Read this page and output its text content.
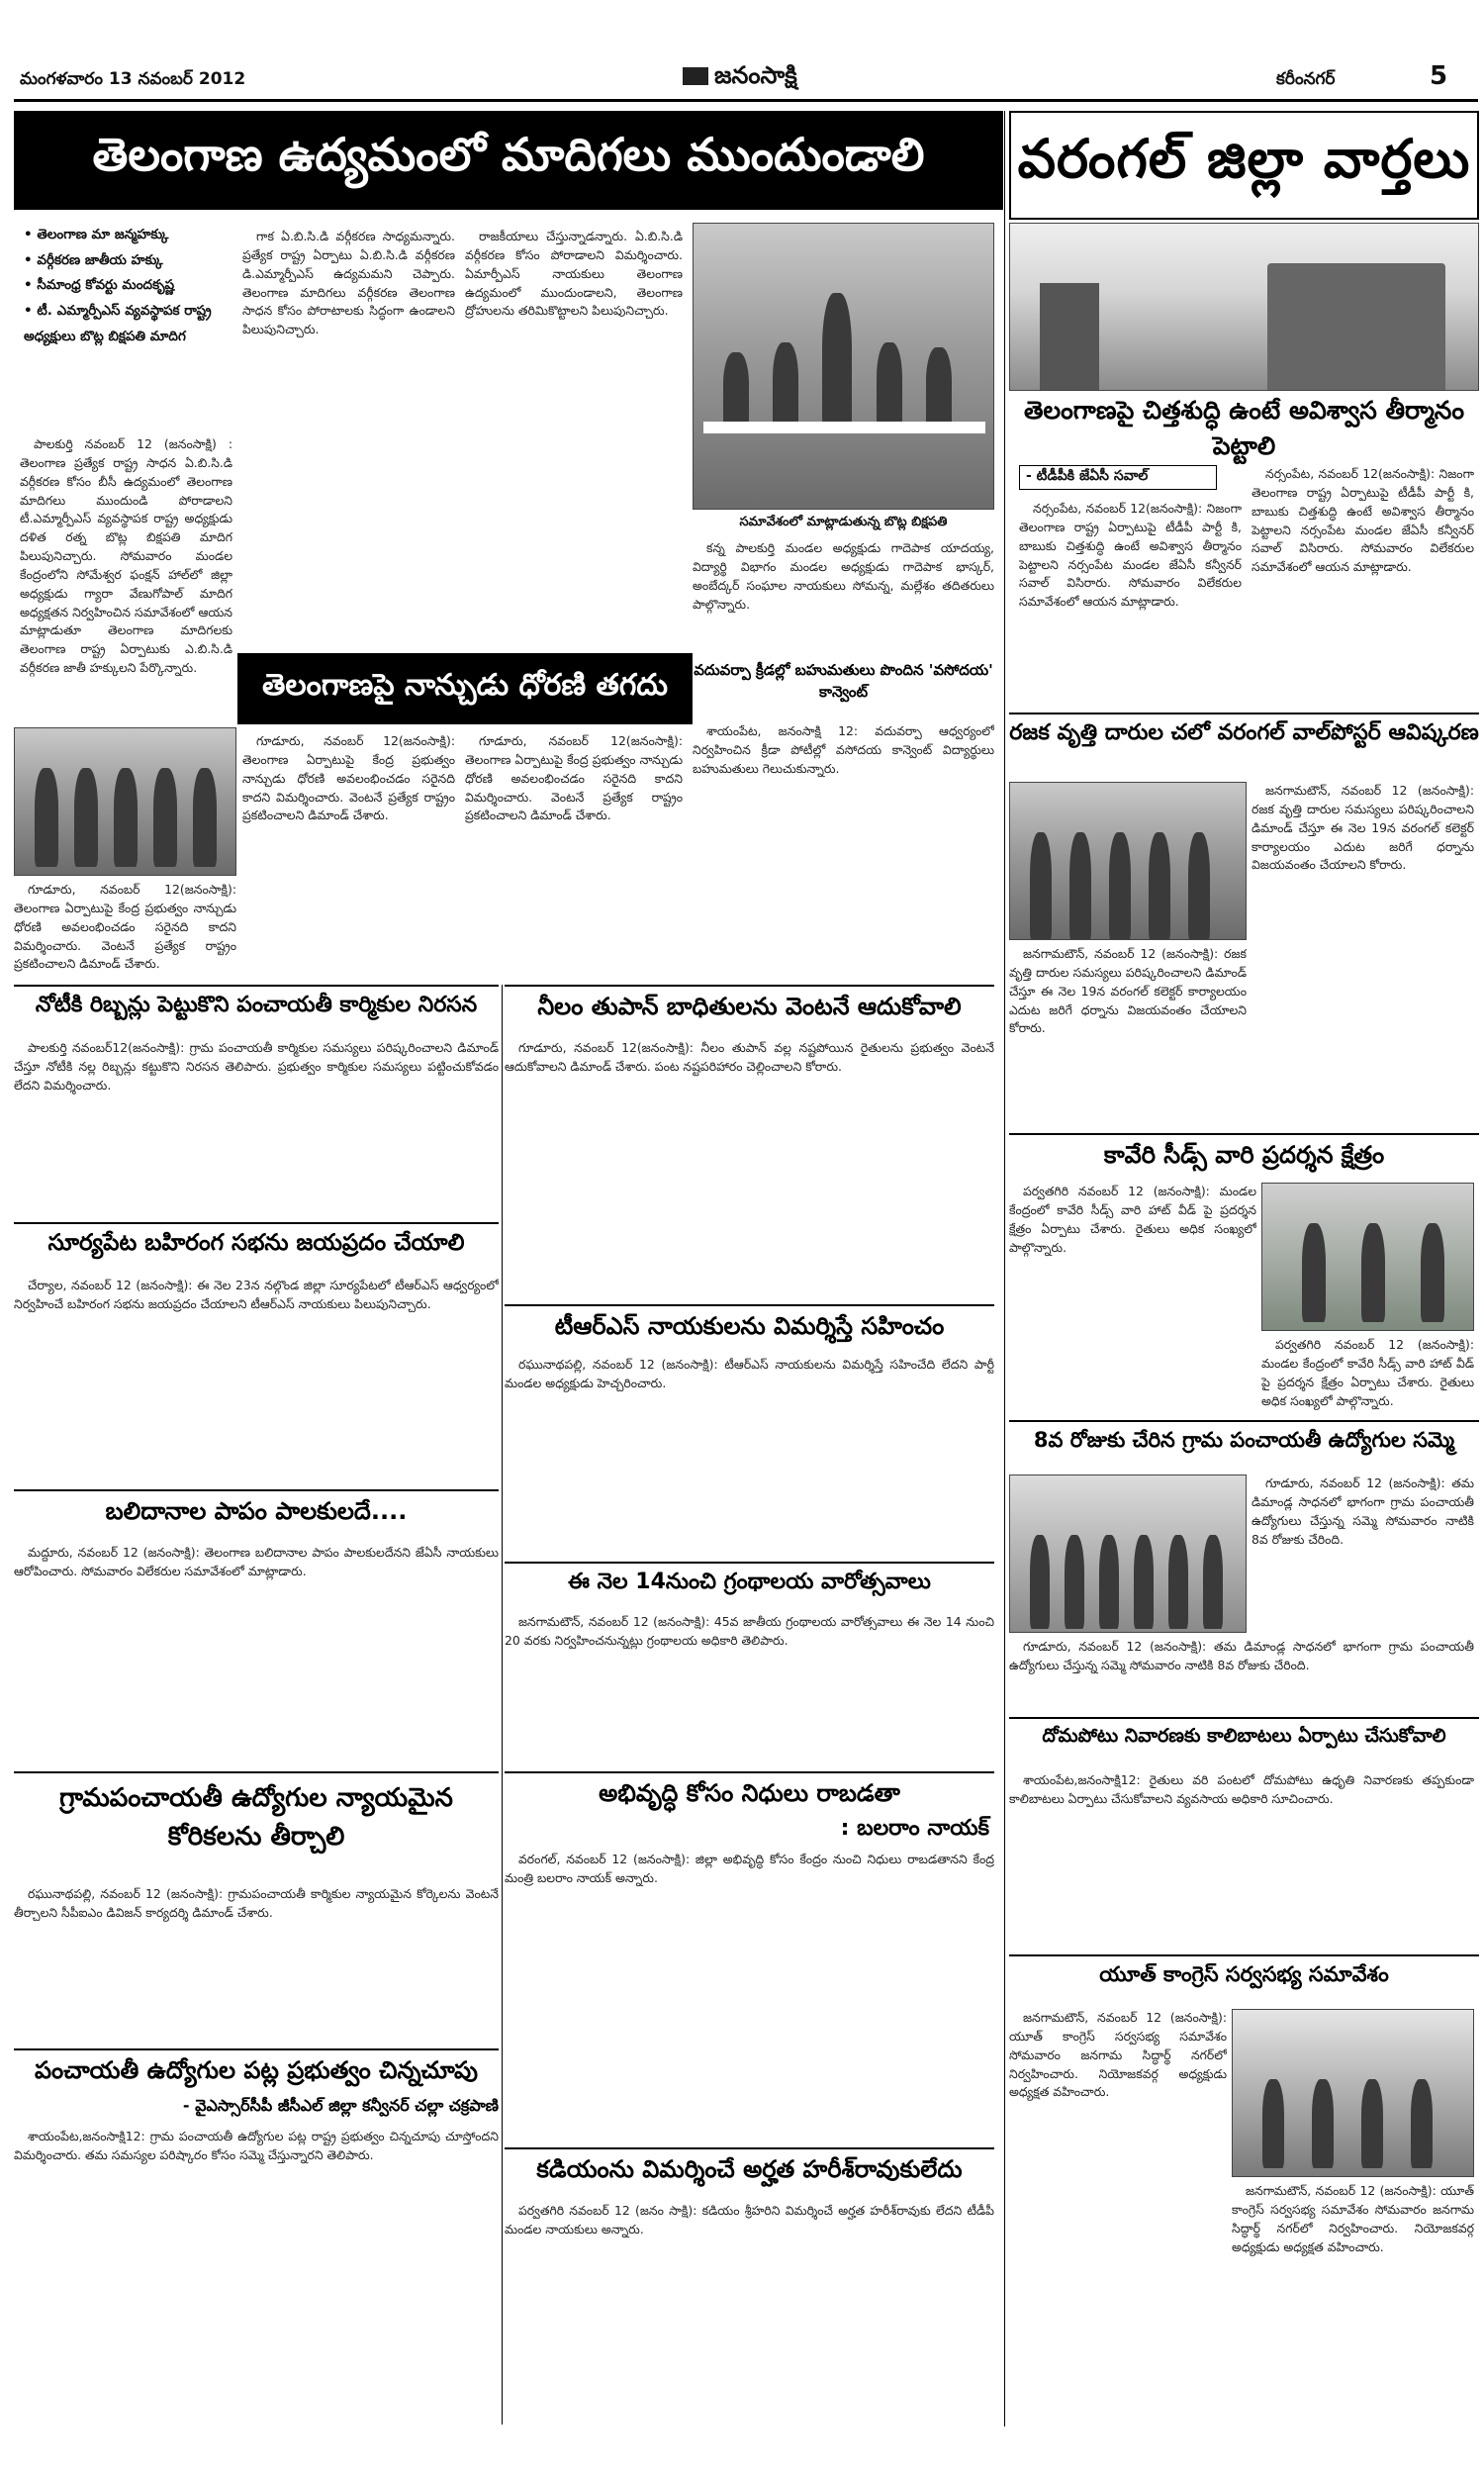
మంగళవారం 13 నవంబర్ 2012	జనంసాక్షి	కరీంనగర్	5
తెలంగాణ ఉద్యమంలో మాదిగలు ముందుండాలి	వరంగల్ జిల్లా వార్తలు
• తెలంగాణ మా జన్మహక్కు
• వర్గీకరణ జాతీయ హక్కు
• సీమాంధ్ర కోవర్టు మందకృష్ణ
• టీ. ఎమ్మార్పీఎస్ వ్యవస్థాపక రాష్ట్ర అధ్యక్షులు బొట్ల బిక్షపతి మాదిగ

పాలకుర్తి నవంబర్ 12 (జనంసాక్షి) : తెలంగాణ ప్రత్యేక రాష్ట్ర సాధన ఏ.బి.సి.డి వర్గీకరణ కోసం బీసీ ఉద్యమంలో తెలంగాణ మాదిగలు ముందుండి పోరాడాలని టీ.ఎమ్మార్పీఎస్ వ్యవస్థాపక రాష్ట్ర అధ్యక్షుడు దళిత రత్న బొట్ల బిక్షపతి మాదిగ పిలుపునిచ్చారు. సోమవారం మండల కేంద్రంలోని సోమేశ్వర ఫంక్షన్ హాల్‌లో జిల్లా అధ్యక్షుడు గ్యారా వేణుగోపాల్ మాదిగ అధ్యక్షతన నిర్వహించిన సమావేశంలో ఆయన మాట్లాడుతూ తెలంగాణ మాదిగలకు తెలంగాణ రాష్ట్ర ఏర్పాటుకు ఎ.బి.సి.డి వర్గీకరణ జాతీ హక్కులని పేర్కొన్నారు.

గాక ఏ.బి.సి.డి వర్గీకరణ సాధ్యమన్నారు. ప్రత్యేక రాష్ట్ర ఏర్పాటు ఏ.బి.సి.డి వర్గీకరణ డి.ఎమ్మార్పీఎస్ ఉద్యమమని చెప్పారు. తెలంగాణ మాదిగలు వర్గీకరణ తెలంగాణ సాధన కోసం పోరాటాలకు సిద్ధంగా ఉండాలని పిలుపునిచ్చారు.

రాజకీయాలు చేస్తున్నాడన్నారు. ఏ.బి.సి.డి వర్గీకరణ కోసం పోరాడాలని విమర్శించారు. ఏమార్పీఎస్ నాయకులు తెలంగాణ ఉద్యమంలో ముందుండాలని, తెలంగాణ ద్రోహులను తరిమికొట్టాలని పిలుపునిచ్చారు.

సమావేశంలో మాట్లాడుతున్న బొట్ల బిక్షపతి

కన్న పాలకుర్తి మండల అధ్యక్షుడు గాదెపాక యాదయ్య, విద్యార్థి విభాగం మండల అధ్యక్షుడు గాదెపాక భాస్కర్, అంబేద్కర్ సంఘాల నాయకులు సోమన్న, మల్లేశం తదితరులు పాల్గొన్నారు.

తెలంగాణపై చిత్తశుద్ధి ఉంటే అవిశ్వాస తీర్మానం పెట్టాలి
- టీడీపీకి జేఏసీ సవాల్

నర్సంపేట, నవంబర్ 12(జనంసాక్షి): నిజంగా తెలంగాణ రాష్ట్ర ఏర్పాటుపై టీడీపీ పార్టీ కి, బాబుకు చిత్తశుద్ధి ఉంటే అవిశ్వాస తీర్మానం పెట్టాలని నర్సంపేట మండల జేఏసీ కన్వీనర్ సవాల్ విసిరారు. సోమవారం విలేకరుల సమావేశంలో ఆయన మాట్లాడారు.

నర్సంపేట, నవంబర్ 12(జనంసాక్షి): నిజంగా తెలంగాణ రాష్ట్ర ఏర్పాటుపై టీడీపీ పార్టీ కి, బాబుకు చిత్తశుద్ధి ఉంటే అవిశ్వాస తీర్మానం పెట్టాలని నర్సంపేట మండల జేఏసీ కన్వీనర్ సవాల్ విసిరారు. సోమవారం విలేకరుల సమావేశంలో ఆయన మాట్లాడారు.

తెలంగాణపై నాన్చుడు ధోరణి తగదు

గూడూరు, నవంబర్ 12(జనంసాక్షి): తెలంగాణ ఏర్పాటుపై కేంద్ర ప్రభుత్వం నాన్చుడు ధోరణి అవలంభించడం సరైనది కాదని విమర్శించారు. వెంటనే ప్రత్యేక రాష్ట్రం ప్రకటించాలని డిమాండ్ చేశారు.

గూడూరు, నవంబర్ 12(జనంసాక్షి): తెలంగాణ ఏర్పాటుపై కేంద్ర ప్రభుత్వం నాన్చుడు ధోరణి అవలంభించడం సరైనది కాదని విమర్శించారు. వెంటనే ప్రత్యేక రాష్ట్రం ప్రకటించాలని డిమాండ్ చేశారు.

గూడూరు, నవంబర్ 12(జనంసాక్షి): తెలంగాణ ఏర్పాటుపై కేంద్ర ప్రభుత్వం నాన్చుడు ధోరణి అవలంభించడం సరైనది కాదని విమర్శించారు. వెంటనే ప్రత్యేక రాష్ట్రం ప్రకటించాలని డిమాండ్ చేశారు.

వదువర్పా క్రీడల్లో బహుమతులు పొందిన 'వసోదయ' కాన్వెంట్

శాయంపేట, జనంసాక్షి 12: వదువర్పా ఆధ్వర్యంలో నిర్వహించిన క్రీడా పోటీల్లో వసోదయ కాన్వెంట్ విద్యార్థులు బహుమతులు గెలుచుకున్నారు.

రజక వృత్తి దారుల చలో వరంగల్ వాల్‌పోస్టర్ ఆవిష్కరణ

జనగామటౌన్, నవంబర్ 12 (జనంసాక్షి): రజక వృత్తి దారుల సమస్యలు పరిష్కరించాలని డిమాండ్ చేస్తూ ఈ నెల 19న వరంగల్ కలెక్టర్ కార్యాలయం ఎదుట జరిగే ధర్నాను విజయవంతం చేయాలని కోరారు.

జనగామటౌన్, నవంబర్ 12 (జనంసాక్షి): రజక వృత్తి దారుల సమస్యలు పరిష్కరించాలని డిమాండ్ చేస్తూ ఈ నెల 19న వరంగల్ కలెక్టర్ కార్యాలయం ఎదుట జరిగే ధర్నాను విజయవంతం చేయాలని కోరారు.

నోటీకి రిబ్బన్లు పెట్టుకొని పంచాయతీ కార్మికుల నిరసన

పాలకుర్తి నవంబర్12(జనంసాక్షి): గ్రామ పంచాయతీ కార్మికుల సమస్యలు పరిష్కరించాలని డిమాండ్ చేస్తూ నోటీకి నల్ల రిబ్బన్లు కట్టుకొని నిరసన తెలిపారు. ప్రభుత్వం కార్మికుల సమస్యలు పట్టించుకోవడం లేదని విమర్శించారు.

నీలం తుపాన్ బాధితులను వెంటనే ఆదుకోవాలి

గూడూరు, నవంబర్ 12(జనంసాక్షి): నీలం తుపాన్ వల్ల నష్టపోయిన రైతులను ప్రభుత్వం వెంటనే ఆదుకోవాలని డిమాండ్ చేశారు. పంట నష్టపరిహారం చెల్లించాలని కోరారు.

కావేరి సీడ్స్ వారి ప్రదర్శన క్షేత్రం

పర్వతగిరి నవంబర్ 12 (జనంసాక్షి): మండల కేంద్రంలో కావేరి సీడ్స్ వారి హాట్ వీడ్ పై ప్రదర్శన క్షేత్రం ఏర్పాటు చేశారు. రైతులు అధిక సంఖ్యలో పాల్గొన్నారు.

పర్వతగిరి నవంబర్ 12 (జనంసాక్షి): మండల కేంద్రంలో కావేరి సీడ్స్ వారి హాట్ వీడ్ పై ప్రదర్శన క్షేత్రం ఏర్పాటు చేశారు. రైతులు అధిక సంఖ్యలో పాల్గొన్నారు.

సూర్యపేట బహిరంగ సభను జయప్రదం చేయాలి

చేర్యాల, నవంబర్ 12 (జనంసాక్షి): ఈ నెల 23న నల్గొండ జిల్లా సూర్యపేటలో టీఆర్ఎస్ ఆధ్వర్యంలో నిర్వహించే బహిరంగ సభను జయప్రదం చేయాలని టీఆర్ఎస్ నాయకులు పిలుపునిచ్చారు.

టీఆర్ఎస్ నాయకులను విమర్శిస్తే సహించం

రఘునాథపల్లి, నవంబర్ 12 (జనంసాక్షి): టీఆర్ఎస్ నాయకులను విమర్శిస్తే సహించేది లేదని పార్టీ మండల అధ్యక్షుడు హెచ్చరించారు.

8వ రోజుకు చేరిన గ్రామ పంచాయతీ ఉద్యోగుల సమ్మె

గూడూరు, నవంబర్ 12 (జనంసాక్షి): తమ డిమాండ్ల సాధనలో భాగంగా గ్రామ పంచాయతీ ఉద్యోగులు చేస్తున్న సమ్మె సోమవారం నాటికి 8వ రోజుకు చేరింది.

గూడూరు, నవంబర్ 12 (జనంసాక్షి): తమ డిమాండ్ల సాధనలో భాగంగా గ్రామ పంచాయతీ ఉద్యోగులు చేస్తున్న సమ్మె సోమవారం నాటికి 8వ రోజుకు చేరింది.

బలిదానాల పాపం పాలకులదే....

మద్దూరు, నవంబర్ 12 (జనంసాక్షి): తెలంగాణ బలిదానాల పాపం పాలకులదేనని జేఏసీ నాయకులు ఆరోపించారు. సోమవారం విలేకరుల సమావేశంలో మాట్లాడారు.	ఈ నెల 14నుంచి గ్రంథాలయ వారోత్సవాలు

జనగామటౌన్, నవంబర్ 12 (జనంసాక్షి): 45వ జాతీయ గ్రంథాలయ వారోత్సవాలు ఈ నెల 14 నుంచి 20 వరకు నిర్వహించనున్నట్లు గ్రంథాలయ అధికారి తెలిపారు.

దోమపోటు నివారణకు కాలిబాటలు ఏర్పాటు చేసుకోవాలి

శాయంపేట,జనంసాక్షి12: రైతులు వరి పంటలో దోమపోటు ఉధృతి నివారణకు తప్పకుండా కాలిబాటలు ఏర్పాటు చేసుకోవాలని వ్యవసాయ అధికారి సూచించారు.

అభివృద్ధి కోసం నిధులు రాబడతా
: బలరాం నాయక్

వరంగల్, నవంబర్ 12 (జనంసాక్షి): జిల్లా అభివృద్ధి కోసం కేంద్రం నుంచి నిధులు రాబడతానని కేంద్ర మంత్రి బలరాం నాయక్ అన్నారు.

గ్రామపంచాయతీ ఉద్యోగుల న్యాయమైన కోరికలను తీర్చాలి

రఘునాథపల్లి, నవంబర్ 12 (జనంసాక్షి): గ్రామపంచాయతీ కార్మికుల న్యాయమైన కోర్కెలను వెంటనే తీర్చాలని సీపీఐఎం డివిజన్ కార్యదర్శి డిమాండ్ చేశారు.

యూత్ కాంగ్రెస్ సర్వసభ్య సమావేశం

జనగామటౌన్, నవంబర్ 12 (జనంసాక్షి): యూత్ కాంగ్రెస్ సర్వసభ్య సమావేశం సోమవారం జనగామ సిద్ధార్థ్ నగర్‌లో నిర్వహించారు. నియోజకవర్గ అధ్యక్షుడు అధ్యక్షత వహించారు.

జనగామటౌన్, నవంబర్ 12 (జనంసాక్షి): యూత్ కాంగ్రెస్ సర్వసభ్య సమావేశం సోమవారం జనగామ సిద్ధార్థ్ నగర్‌లో నిర్వహించారు. నియోజకవర్గ అధ్యక్షుడు అధ్యక్షత వహించారు.

పంచాయతీ ఉద్యోగుల పట్ల ప్రభుత్వం చిన్నచూపు
- వైఎస్సార్‌సీపీ జీసీఎల్ జిల్లా కన్వీనర్ చల్లా చక్రపాణి

శాయంపేట,జనంసాక్షి12: గ్రామ పంచాయతీ ఉద్యోగుల పట్ల రాష్ట్ర ప్రభుత్వం చిన్నచూపు చూస్తోందని విమర్శించారు. తమ సమస్యల పరిష్కారం కోసం సమ్మె చేస్తున్నారని తెలిపారు.

కడియంను విమర్శించే అర్హత హరీశ్‌రావుకులేదు

పర్వతగిరి నవంబర్ 12 (జనం సాక్షి): కడియం శ్రీహరిని విమర్శించే అర్హత హరీశ్‌రావుకు లేదని టీడీపీ మండల నాయకులు అన్నారు.
